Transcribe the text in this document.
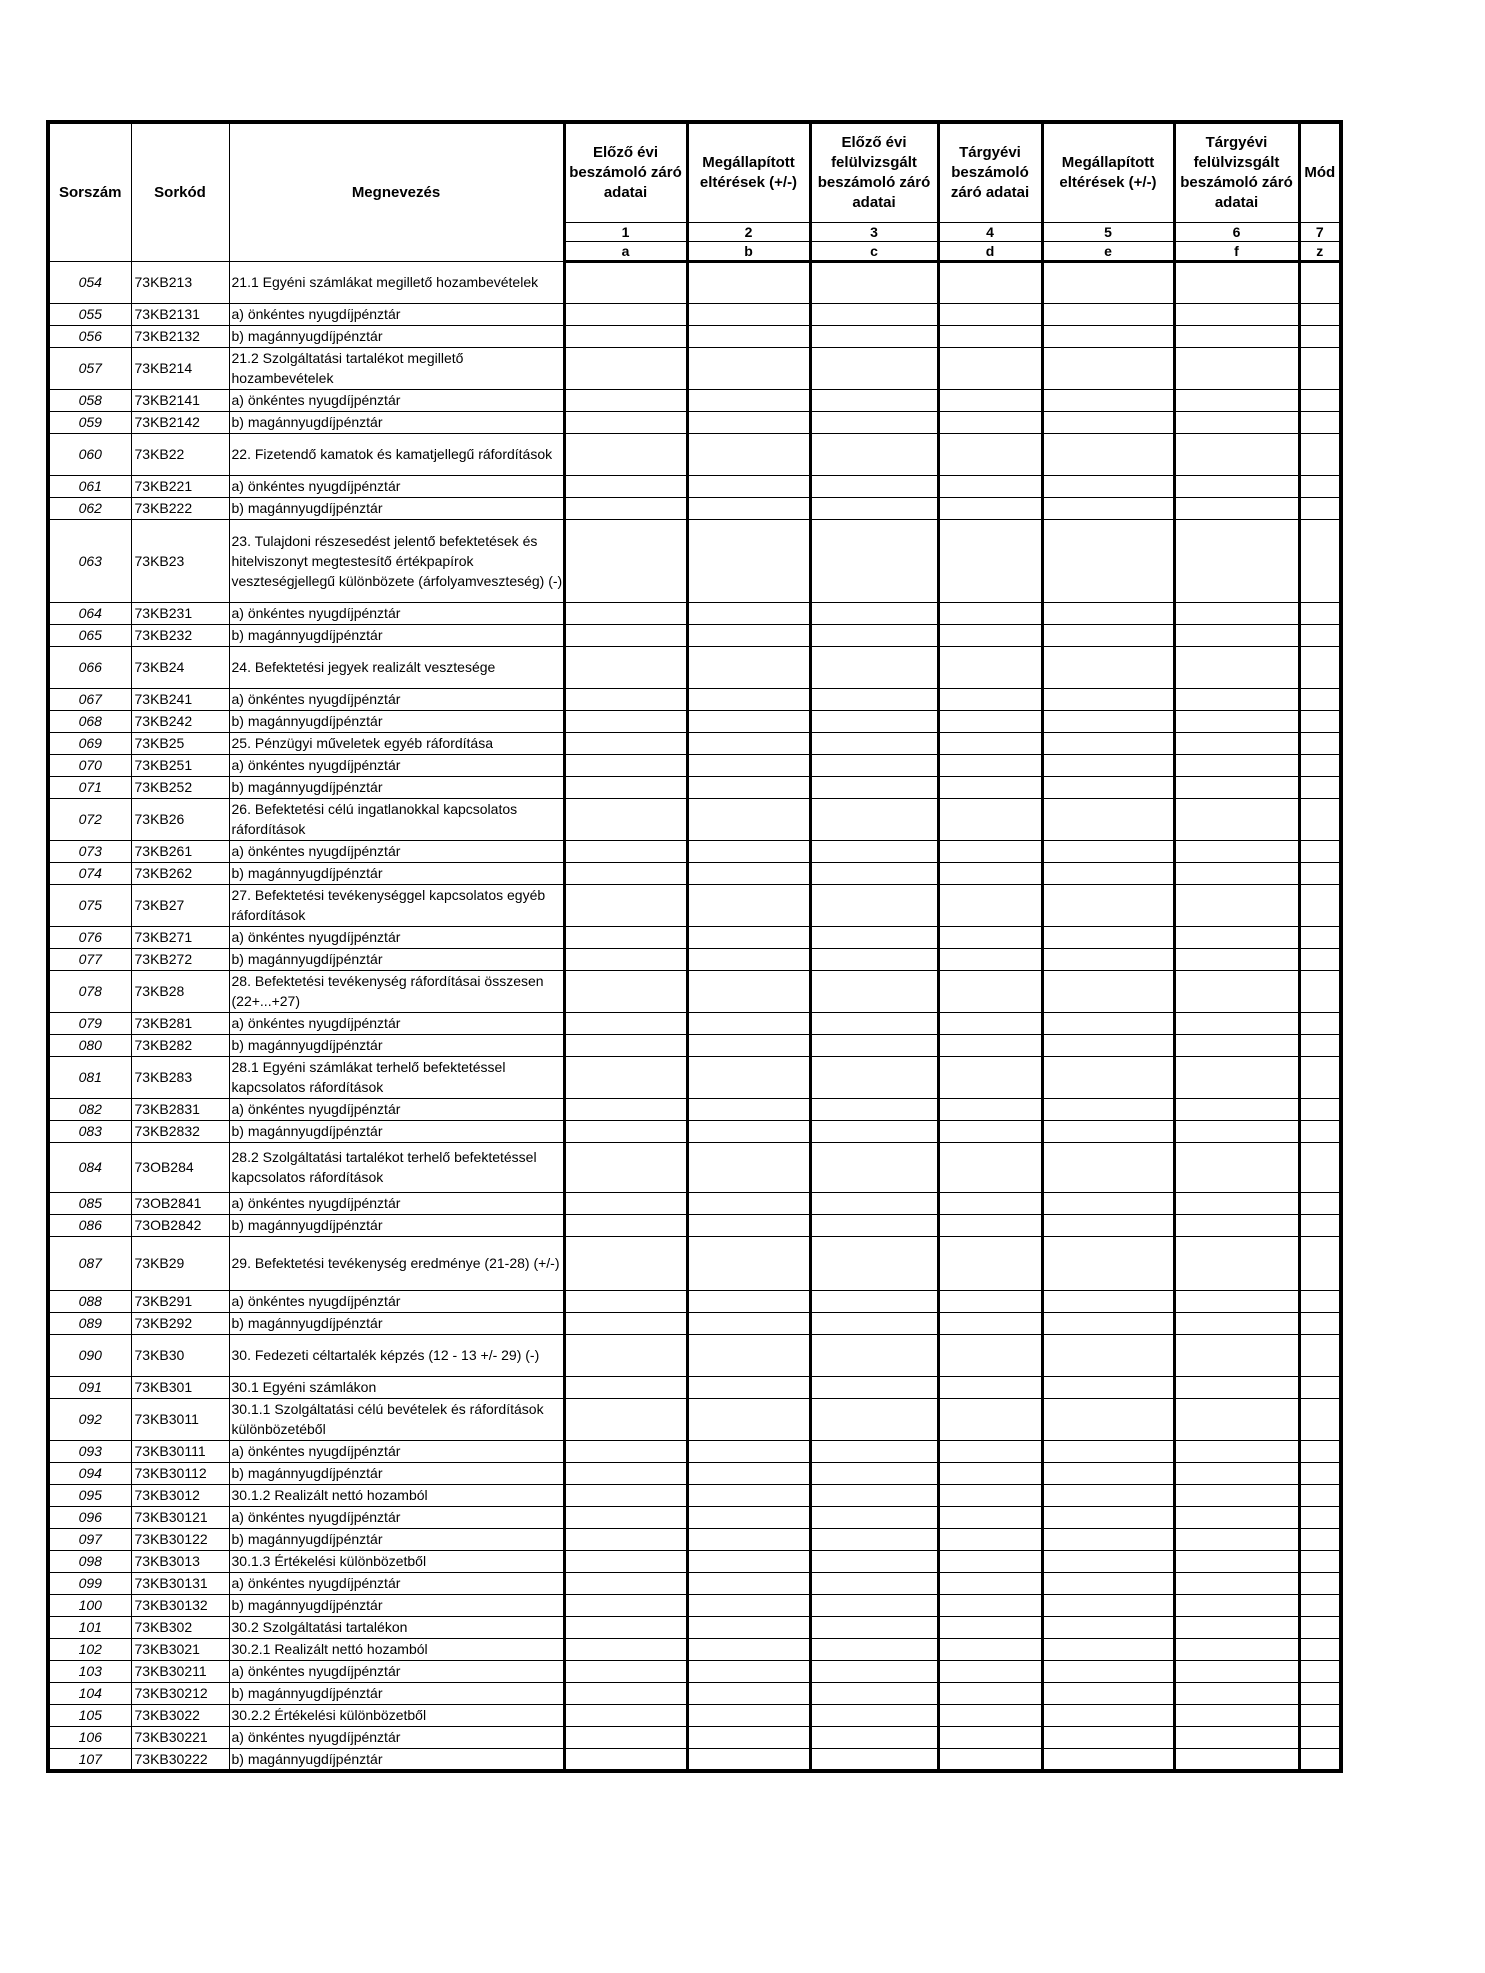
Sorszám	Sorkód	Megnevezés	Előző évi beszámoló záró adatai	Megállapított eltérések (+/-)	Előző évi felülvizsgált beszámoló záró adatai	Tárgyévi beszámoló záró adatai	Megállapított eltérések (+/-)	Tárgyévi felülvizsgált beszámoló záró adatai	Mód
			1	2	3	4	5	6	7
			a	b	c	d	e	f	z
054	73KB213	21.1 Egyéni számlákat megillető hozambevételek							
055	73KB2131	a) önkéntes nyugdíjpénztár							
056	73KB2132	b) magánnyugdíjpénztár							
057	73KB214	21.2 Szolgáltatási tartalékot megillető hozambevételek							
058	73KB2141	a) önkéntes nyugdíjpénztár							
059	73KB2142	b) magánnyugdíjpénztár							
060	73KB22	22. Fizetendő kamatok és kamatjellegű ráfordítások							
061	73KB221	a) önkéntes nyugdíjpénztár							
062	73KB222	b) magánnyugdíjpénztár							
063	73KB23	23. Tulajdoni részesedést jelentő befektetések és hitelviszonyt megtestesítő értékpapírok veszteségjellegű különbözete (árfolyamveszteség) (-)							
064	73KB231	a) önkéntes nyugdíjpénztár							
065	73KB232	b) magánnyugdíjpénztár							
066	73KB24	24. Befektetési jegyek realizált vesztesége							
067	73KB241	a) önkéntes nyugdíjpénztár							
068	73KB242	b) magánnyugdíjpénztár							
069	73KB25	25. Pénzügyi műveletek egyéb ráfordítása							
070	73KB251	a) önkéntes nyugdíjpénztár							
071	73KB252	b) magánnyugdíjpénztár							
072	73KB26	26. Befektetési célú ingatlanokkal kapcsolatos ráfordítások							
073	73KB261	a) önkéntes nyugdíjpénztár							
074	73KB262	b) magánnyugdíjpénztár							
075	73KB27	27. Befektetési tevékenységgel kapcsolatos egyéb ráfordítások							
076	73KB271	a) önkéntes nyugdíjpénztár							
077	73KB272	b) magánnyugdíjpénztár							
078	73KB28	28. Befektetési tevékenység ráfordításai összesen (22+...+27)							
079	73KB281	a) önkéntes nyugdíjpénztár							
080	73KB282	b) magánnyugdíjpénztár							
081	73KB283	28.1 Egyéni számlákat terhelő befektetéssel kapcsolatos ráfordítások							
082	73KB2831	a) önkéntes nyugdíjpénztár							
083	73KB2832	b) magánnyugdíjpénztár							
084	73OB284	28.2 Szolgáltatási tartalékot terhelő befektetéssel kapcsolatos ráfordítások							
085	73OB2841	a) önkéntes nyugdíjpénztár							
086	73OB2842	b) magánnyugdíjpénztár							
087	73KB29	29. Befektetési tevékenység eredménye (21-28) (+/-)							
088	73KB291	a) önkéntes nyugdíjpénztár							
089	73KB292	b) magánnyugdíjpénztár							
090	73KB30	30. Fedezeti céltartalék képzés (12 - 13 +/- 29) (-)							
091	73KB301	30.1 Egyéni számlákon							
092	73KB3011	30.1.1 Szolgáltatási célú bevételek és ráfordítások különbözetéből							
093	73KB30111	a) önkéntes nyugdíjpénztár							
094	73KB30112	b) magánnyugdíjpénztár							
095	73KB3012	30.1.2 Realizált nettó hozamból							
096	73KB30121	a) önkéntes nyugdíjpénztár							
097	73KB30122	b) magánnyugdíjpénztár							
098	73KB3013	30.1.3 Értékelési különbözetből							
099	73KB30131	a) önkéntes nyugdíjpénztár							
100	73KB30132	b) magánnyugdíjpénztár							
101	73KB302	30.2 Szolgáltatási tartalékon							
102	73KB3021	30.2.1 Realizált nettó hozamból							
103	73KB30211	a) önkéntes nyugdíjpénztár							
104	73KB30212	b) magánnyugdíjpénztár							
105	73KB3022	30.2.2 Értékelési különbözetből							
106	73KB30221	a) önkéntes nyugdíjpénztár							
107	73KB30222	b) magánnyugdíjpénztár							
